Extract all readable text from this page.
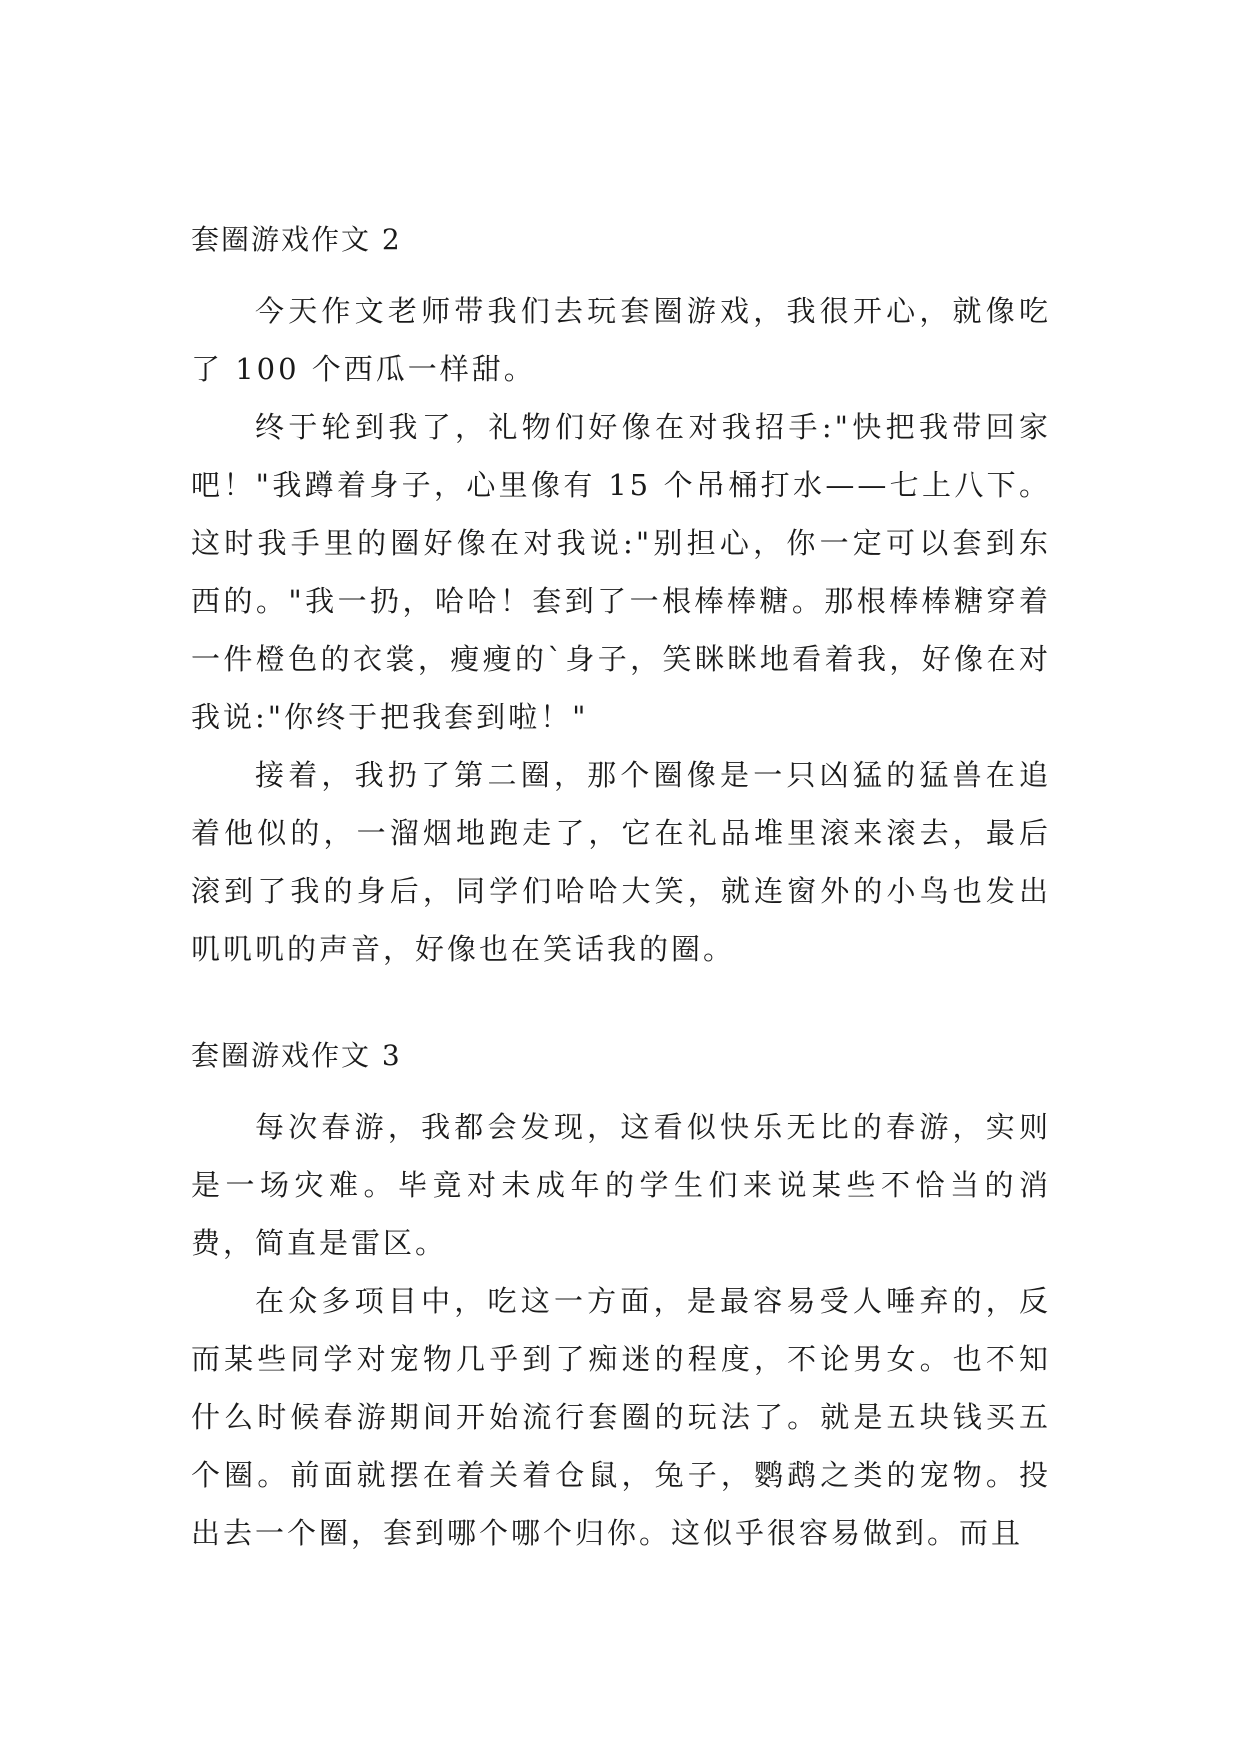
套圈游戏作文 2

今天作文老师带我们去玩套圈游戏，我很开心，就像吃了 100 个西瓜一样甜。

终于轮到我了，礼物们好像在对我招手:"快把我带回家吧！"我蹲着身子，心里像有 15 个吊桶打水——七上八下。这时我手里的圈好像在对我说:"别担心，你一定可以套到东西的。"我一扔，哈哈！套到了一根棒棒糖。那根棒棒糖穿着一件橙色的衣裳，瘦瘦的`身子，笑眯眯地看着我，好像在对我说:"你终于把我套到啦！"

接着，我扔了第二圈，那个圈像是一只凶猛的猛兽在追着他似的，一溜烟地跑走了，它在礼品堆里滚来滚去，最后滚到了我的身后，同学们哈哈大笑，就连窗外的小鸟也发出叽叽叽的声音，好像也在笑话我的圈。

套圈游戏作文 3

每次春游，我都会发现，这看似快乐无比的春游，实则是一场灾难。毕竟对未成年的学生们来说某些不恰当的消费，简直是雷区。

在众多项目中，吃这一方面，是最容易受人唾弃的，反而某些同学对宠物几乎到了痴迷的程度，不论男女。也不知什么时候春游期间开始流行套圈的玩法了。就是五块钱买五个圈。前面就摆在着关着仓鼠，兔子，鹦鹉之类的宠物。投出去一个圈，套到哪个哪个归你。这似乎很容易做到。而且
